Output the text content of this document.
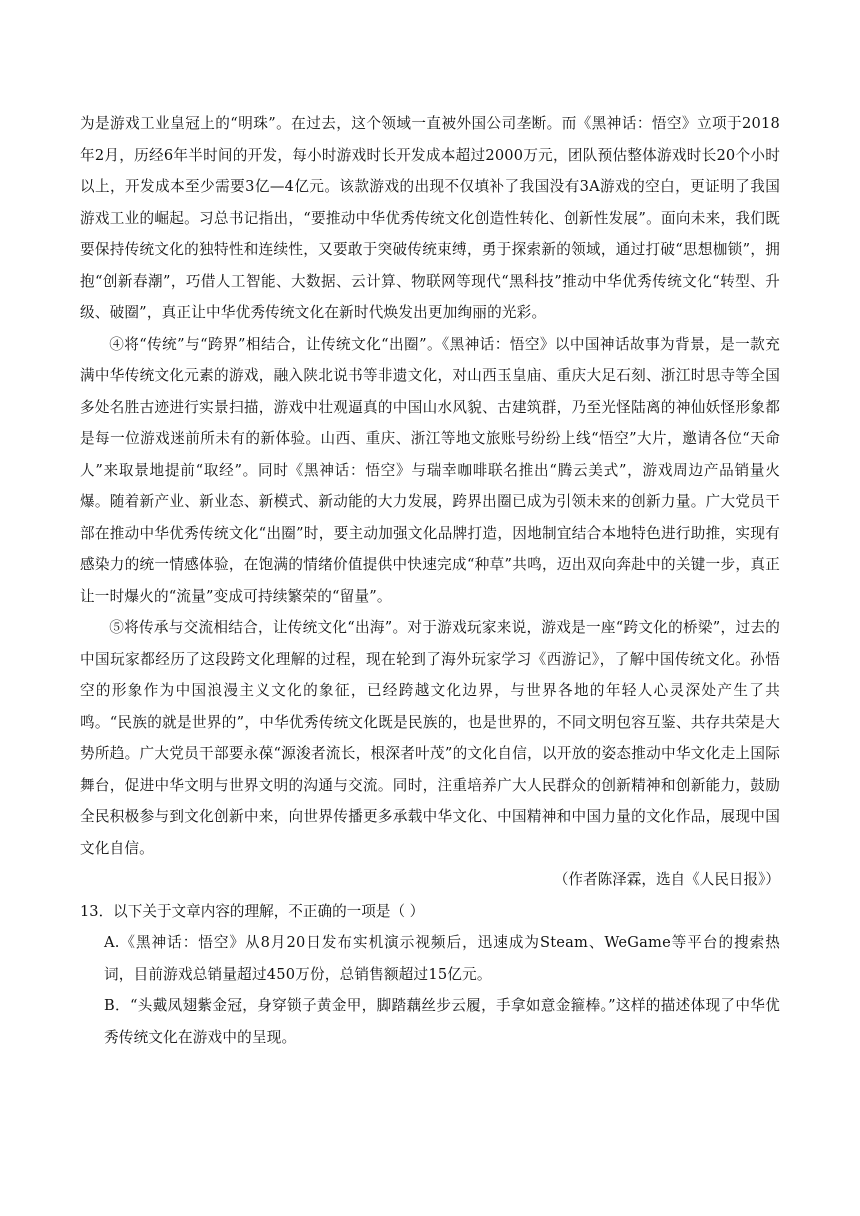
为是游戏工业皇冠上的“明珠”。在过去，这个领域一直被外国公司垄断。而《黑神话：悟空》立项于2018年2月，历经6年半时间的开发，每小时游戏时长开发成本超过2000万元，团队预估整体游戏时长20个小时以上，开发成本至少需要3亿—4亿元。该款游戏的出现不仅填补了我国没有3A游戏的空白，更证明了我国游戏工业的崛起。习总书记指出，“要推动中华优秀传统文化创造性转化、创新性发展”。面向未来，我们既要保持传统文化的独特性和连续性，又要敢于突破传统束缚，勇于探索新的领域，通过打破“思想枷锁”，拥抱“创新春潮”，巧借人工智能、大数据、云计算、物联网等现代“黑科技”推动中华优秀传统文化“转型、升级、破圈”，真正让中华优秀传统文化在新时代焕发出更加绚丽的光彩。

④将“传统”与“跨界”相结合，让传统文化“出圈”。《黑神话：悟空》以中国神话故事为背景，是一款充满中华传统文化元素的游戏，融入陕北说书等非遗文化，对山西玉皇庙、重庆大足石刻、浙江时思寺等全国多处名胜古迹进行实景扫描，游戏中壮观逼真的中国山水风貌、古建筑群，乃至光怪陆离的神仙妖怪形象都是每一位游戏迷前所未有的新体验。山西、重庆、浙江等地文旅账号纷纷上线“悟空”大片，邀请各位“天命人”来取景地提前“取经”。同时《黑神话：悟空》与瑞幸咖啡联名推出“腾云美式”，游戏周边产品销量火爆。随着新产业、新业态、新模式、新动能的大力发展，跨界出圈已成为引领未来的创新力量。广大党员干部在推动中华优秀传统文化“出圈”时，要主动加强文化品牌打造，因地制宜结合本地特色进行助推，实现有感染力的统一情感体验，在饱满的情绪价值提供中快速完成“种草”共鸣，迈出双向奔赴中的关键一步，真正让一时爆火的“流量”变成可持续繁荣的“留量”。

⑤将传承与交流相结合，让传统文化“出海”。对于游戏玩家来说，游戏是一座“跨文化的桥梁”，过去的中国玩家都经历了这段跨文化理解的过程，现在轮到了海外玩家学习《西游记》，了解中国传统文化。孙悟空的形象作为中国浪漫主义文化的象征，已经跨越文化边界，与世界各地的年轻人心灵深处产生了共鸣。“民族的就是世界的”，中华优秀传统文化既是民族的，也是世界的，不同文明包容互鉴、共存共荣是大势所趋。广大党员干部要永葆“源浚者流长，根深者叶茂”的文化自信，以开放的姿态推动中华文化走上国际舞台，促进中华文明与世界文明的沟通与交流。同时，注重培养广大人民群众的创新精神和创新能力，鼓励全民积极参与到文化创新中来，向世界传播更多承载中华文化、中国精神和中国力量的文化作品，展现中国文化自信。

（作者陈泽霖，选自《人民日报》）

13．以下关于文章内容的理解，不正确的一项是（ ）

A.《黑神话：悟空》从8月20日发布实机演示视频后，迅速成为Steam、WeGame等平台的搜索热词，目前游戏总销量超过450万份，总销售额超过15亿元。

B．“头戴凤翅紫金冠，身穿锁子黄金甲，脚踏藕丝步云履，手拿如意金箍棒。”这样的描述体现了中华优秀传统文化在游戏中的呈现。
